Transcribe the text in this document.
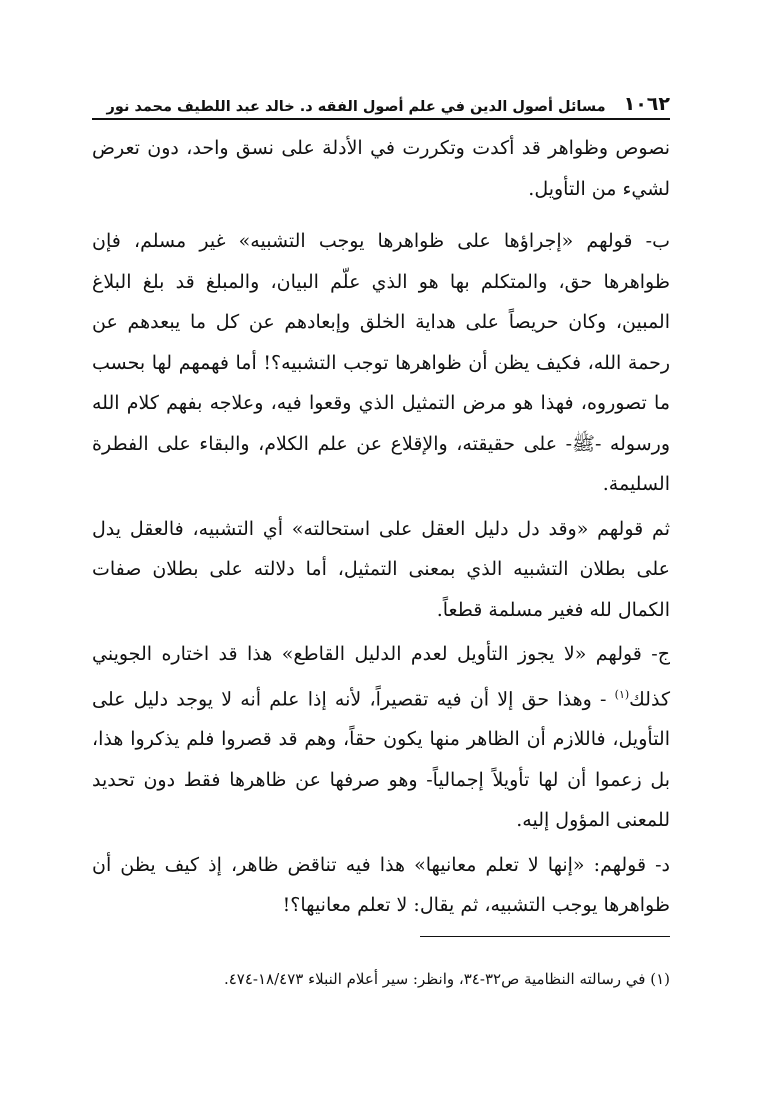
١٠٦٢
مسائل أصول الدين في علم أصول الفقه د. خالد عبد اللطيف محمد نور

نصوص وظواهر قد أكدت وتكررت في الأدلة على نسق واحد، دون تعرض لشيء من التأويل.

ب- قولهم «إجراؤها على ظواهرها يوجب التشبيه» غير مسلم، فإن ظواهرها حق، والمتكلم بها هو الذي علّم البيان، والمبلغ قد بلغ البلاغ المبين، وكان حريصاً على هداية الخلق وإبعادهم عن كل ما يبعدهم عن رحمة الله، فكيف يظن أن ظواهرها توجب التشبيه؟! أما فهمهم لها بحسب ما تصوروه، فهذا هو مرض التمثيل الذي وقعوا فيه، وعلاجه بفهم كلام الله ورسوله -ﷺ- على حقيقته، والإقلاع عن علم الكلام، والبقاء على الفطرة السليمة.

ثم قولهم «وقد دل دليل العقل على استحالته» أي التشبيه، فالعقل يدل على بطلان التشبيه الذي بمعنى التمثيل، أما دلالته على بطلان صفات الكمال لله فغير مسلمة قطعاً.

ج- قولهم «لا يجوز التأويل لعدم الدليل القاطع» هذا قد اختاره الجويني كذلك$^{(١)}$ - وهذا حق إلا أن فيه تقصيراً، لأنه إذا علم أنه لا يوجد دليل على التأويل، فاللازم أن الظاهر منها يكون حقاً، وهم قد قصروا فلم يذكروا هذا، بل زعموا أن لها تأويلاً إجمالياً- وهو صرفها عن ظاهرها فقط دون تحديد للمعنى المؤول إليه.

د- قولهم: «إنها لا تعلم معانيها» هذا فيه تناقض ظاهر، إذ كيف يظن أن ظواهرها يوجب التشبيه، ثم يقال: لا تعلم معانيها؟!

(١) في رسالته النظامية ص٣٢-٣٤، وانظر: سير أعلام النبلاء ١٨/٤٧٣-٤٧٤.
